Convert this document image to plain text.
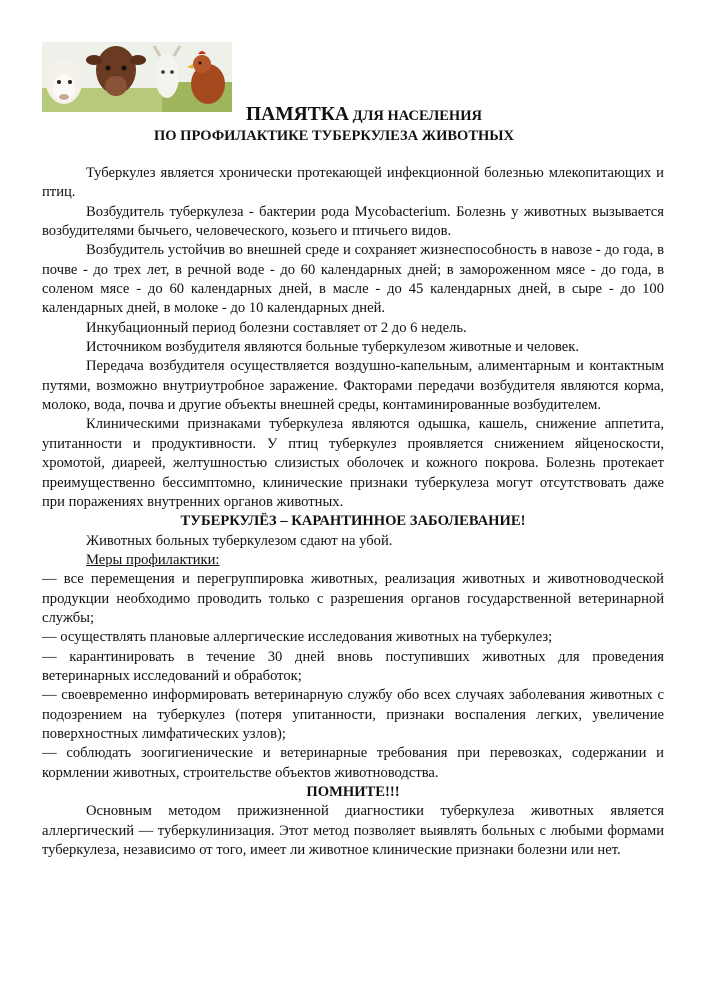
ПАМЯТКА ДЛЯ НАСЕЛЕНИЯ
ПО ПРОФИЛАКТИКЕ ТУБЕРКУЛЕЗА ЖИВОТНЫХ

Туберкулез является хронически протекающей инфекционной болезнью млекопитающих и птиц.

Возбудитель туберкулеза - бактерии рода Mycobacterium. Болезнь у животных вызывается возбудителями бычьего, человеческого, козьего и птичьего видов.

Возбудитель устойчив во внешней среде и сохраняет жизнеспособность в навозе - до года, в почве - до трех лет, в речной воде - до 60 календарных дней; в замороженном мясе - до года, в соленом мясе - до 60 календарных дней, в масле - до 45 календарных дней, в сыре - до 100 календарных дней, в молоке - до 10 календарных дней.

Инкубационный период болезни составляет от 2 до 6 недель.

Источником возбудителя являются больные туберкулезом животные и человек.

Передача возбудителя осуществляется воздушно-капельным, алиментарным и контактным путями, возможно внутриутробное заражение. Факторами передачи возбудителя являются корма, молоко, вода, почва и другие объекты внешней среды, контаминированные возбудителем.

Клиническими признаками туберкулеза являются одышка, кашель, снижение аппетита, упитанности и продуктивности. У птиц туберкулез проявляется снижением яйценоскости, хромотой, диареей, желтушностью слизистых оболочек и кожного покрова. Болезнь протекает преимущественно бессимптомно, клинические признаки туберкулеза могут отсутствовать даже при поражениях внутренних органов животных.

ТУБЕРКУЛЁЗ – КАРАНТИННОЕ ЗАБОЛЕВАНИЕ!

Животных больных туберкулезом сдают на убой.

Меры профилактики:

— все перемещения и перегруппировка животных, реализация животных и животноводческой продукции необходимо проводить только с разрешения органов государственной ветеринарной службы;

— осуществлять плановые аллергические исследования животных на туберкулез;

— карантинировать в течение 30 дней вновь поступивших животных для проведения ветеринарных исследований и обработок;

— своевременно информировать ветеринарную службу обо всех случаях заболевания животных с подозрением на туберкулез (потеря упитанности, признаки воспаления легких, увеличение поверхностных лимфатических узлов);

— соблюдать зоогигиенические и ветеринарные требования при перевозках, содержании и кормлении животных, строительстве объектов животноводства.

ПОМНИТЕ!!!

Основным методом прижизненной диагностики туберкулеза животных является аллергический — туберкулинизация. Этот метод позволяет выявлять больных с любыми формами туберкулеза, независимо от того, имеет ли животное клинические признаки болезни или нет.
